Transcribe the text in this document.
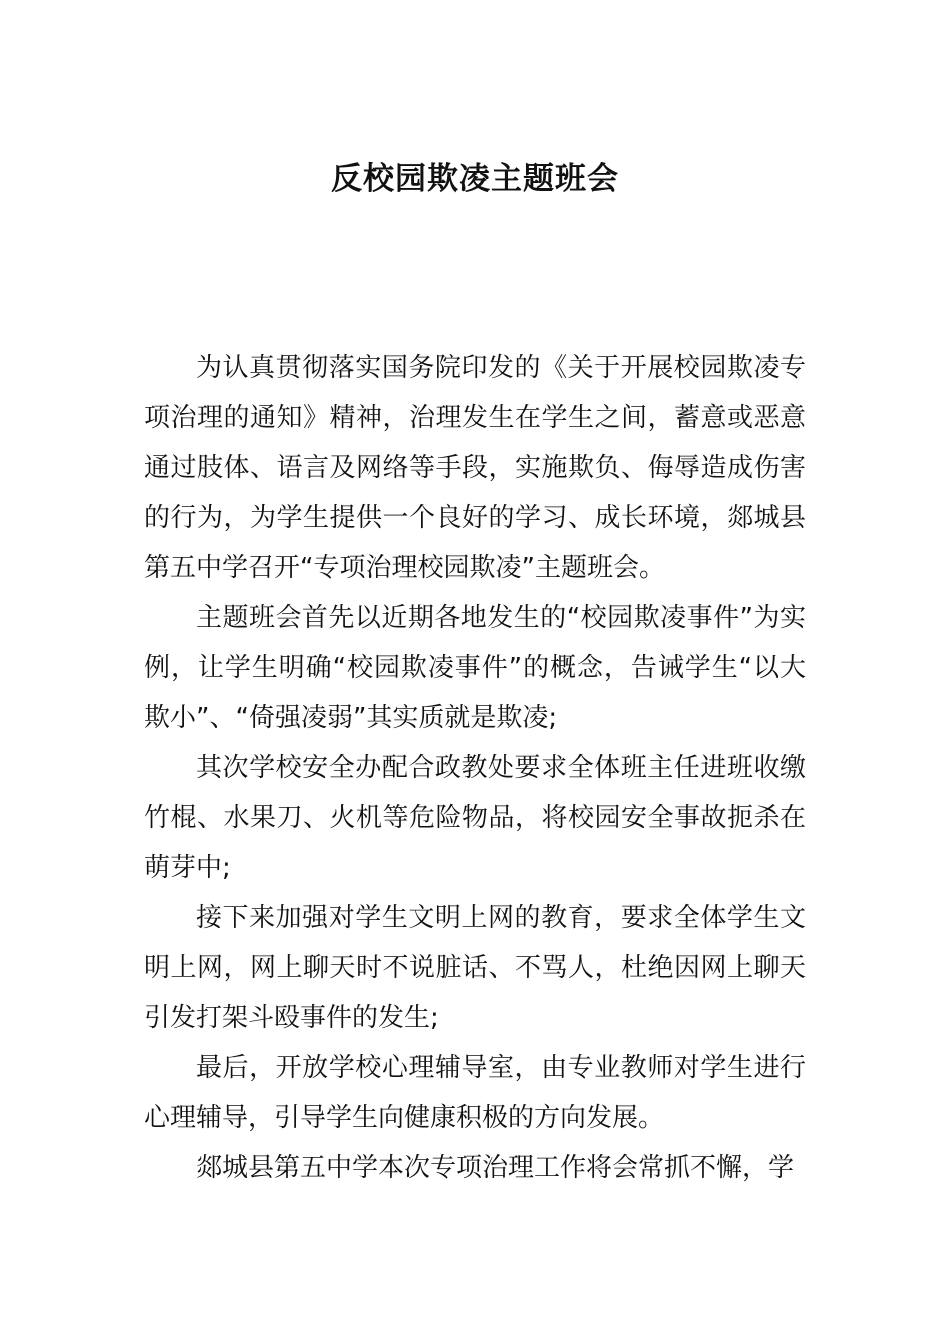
反校园欺凌主题班会

为认真贯彻落实国务院印发的《关于开展校园欺凌专项治理的通知》精神，治理发生在学生之间，蓄意或恶意通过肢体、语言及网络等手段，实施欺负、侮辱造成伤害的行为，为学生提供一个良好的学习、成长环境，郯城县第五中学召开“专项治理校园欺凌”主题班会。

主题班会首先以近期各地发生的“校园欺凌事件”为实例，让学生明确“校园欺凌事件”的概念，告诫学生“以大欺小”、“倚强凌弱”其实质就是欺凌;

其次学校安全办配合政教处要求全体班主任进班收缴竹棍、水果刀、火机等危险物品，将校园安全事故扼杀在萌芽中;

接下来加强对学生文明上网的教育，要求全体学生文明上网，网上聊天时不说脏话、不骂人，杜绝因网上聊天引发打架斗殴事件的发生;

最后，开放学校心理辅导室，由专业教师对学生进行心理辅导，引导学生向健康积极的方向发展。

郯城县第五中学本次专项治理工作将会常抓不懈，学
